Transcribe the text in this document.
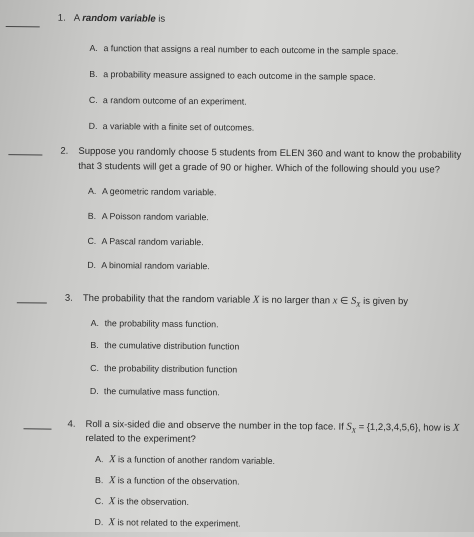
1. A random variable is
A. a function that assigns a real number to each outcome in the sample space.
B. a probability measure assigned to each outcome in the sample space.
C. a random outcome of an experiment.
D. a variable with a finite set of outcomes.
2. Suppose you randomly choose 5 students from ELEN 360 and want to know the probability
that 3 students will get a grade of 90 or higher. Which of the following should you use?
A. A geometric random variable.
B. A Poisson random variable.
C. A Pascal random variable.
D. A binomial random variable.
3. The probability that the random variable X is no larger than x ∈ $S_X$ is given by
A. the probability mass function.
B. the cumulative distribution function
C. the probability distribution function
D. the cumulative mass function.
4. Roll a six-sided die and observe the number in the top face. If $S_X = \{1,2,3,4,5,6\}$, how is X
related to the experiment?
A. X is a function of another random variable.
B. X is a function of the observation.
C. X is the observation.
D. X is not related to the experiment.
